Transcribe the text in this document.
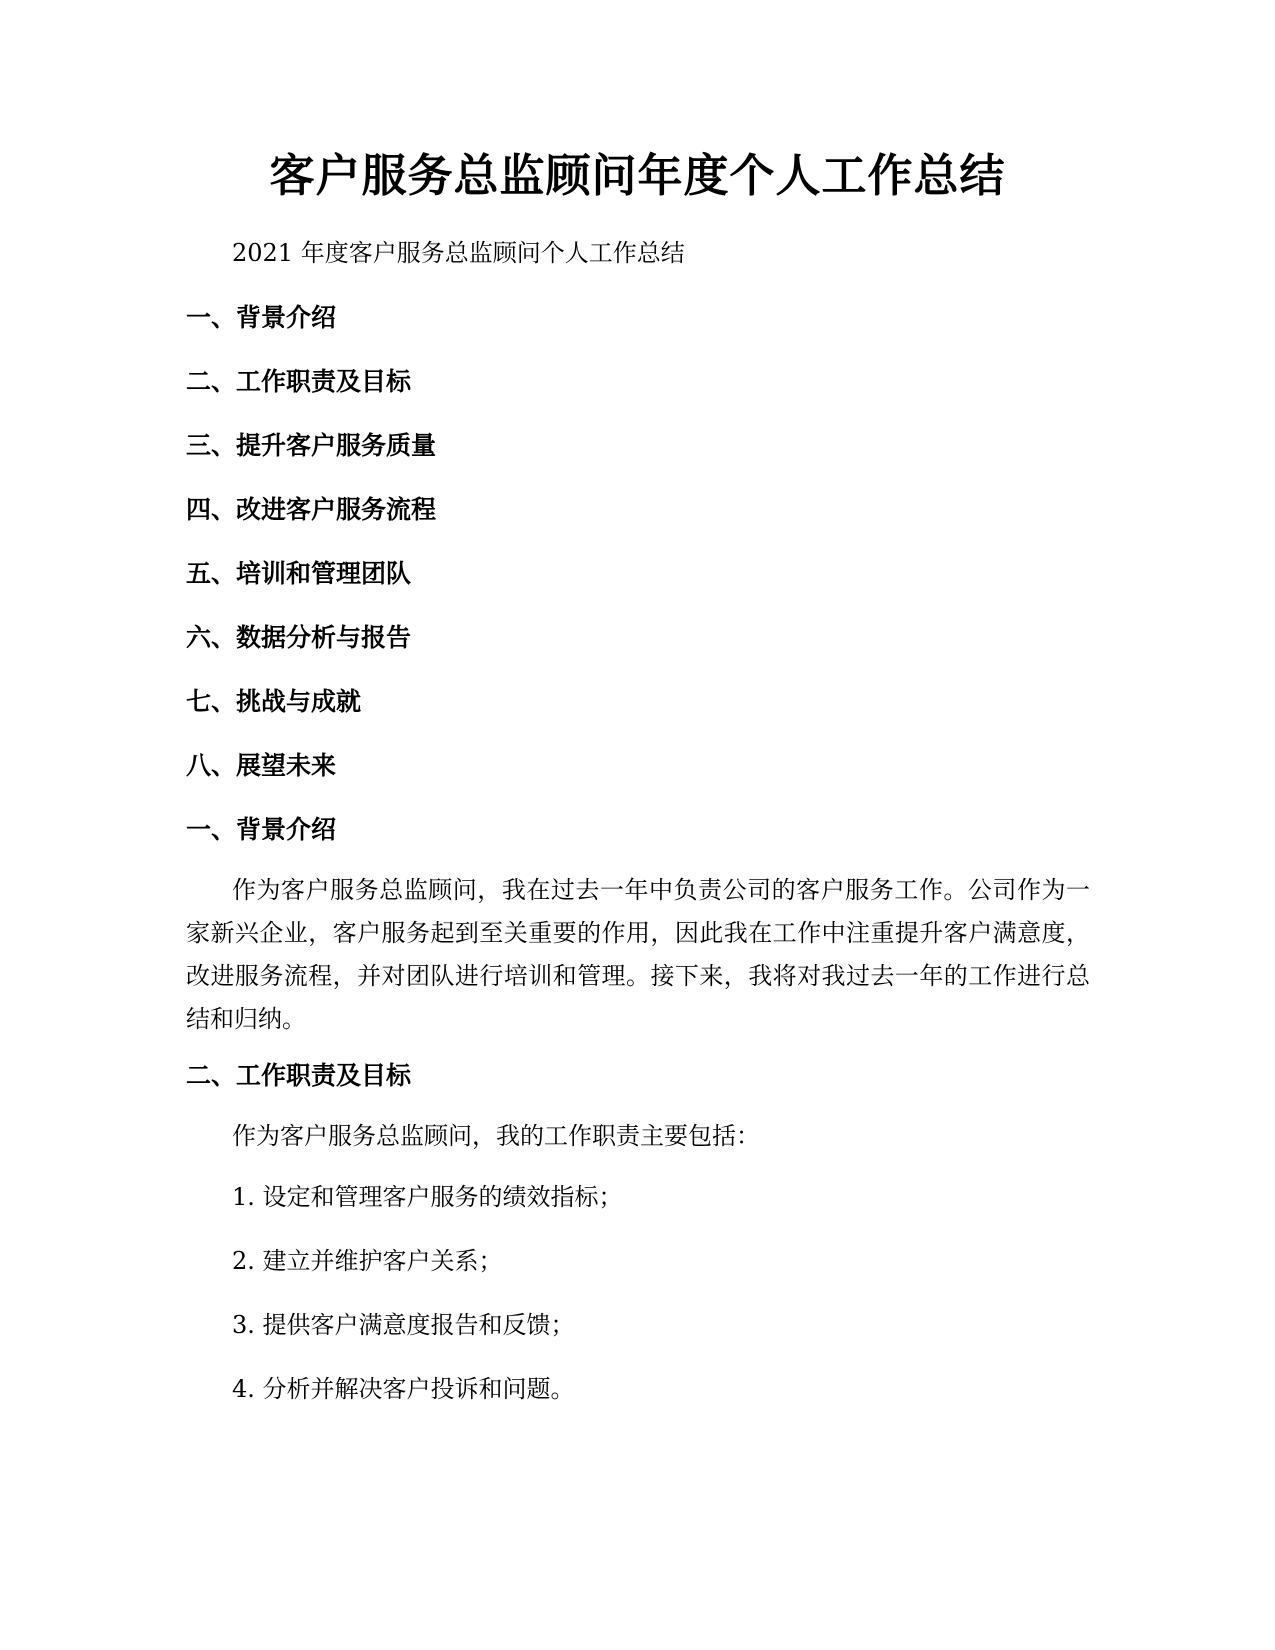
客户服务总监顾问年度个人工作总结
2021 年度客户服务总监顾问个人工作总结
一、背景介绍
二、工作职责及目标
三、提升客户服务质量
四、改进客户服务流程
五、培训和管理团队
六、数据分析与报告
七、挑战与成就
八、展望未来
一、背景介绍
作为客户服务总监顾问，我在过去一年中负责公司的客户服务工作。公司作为一家新兴企业，客户服务起到至关重要的作用，因此我在工作中注重提升客户满意度，改进服务流程，并对团队进行培训和管理。接下来，我将对我过去一年的工作进行总结和归纳。
二、工作职责及目标
作为客户服务总监顾问，我的工作职责主要包括：
1. 设定和管理客户服务的绩效指标；
2. 建立并维护客户关系；
3. 提供客户满意度报告和反馈；
4. 分析并解决客户投诉和问题。
